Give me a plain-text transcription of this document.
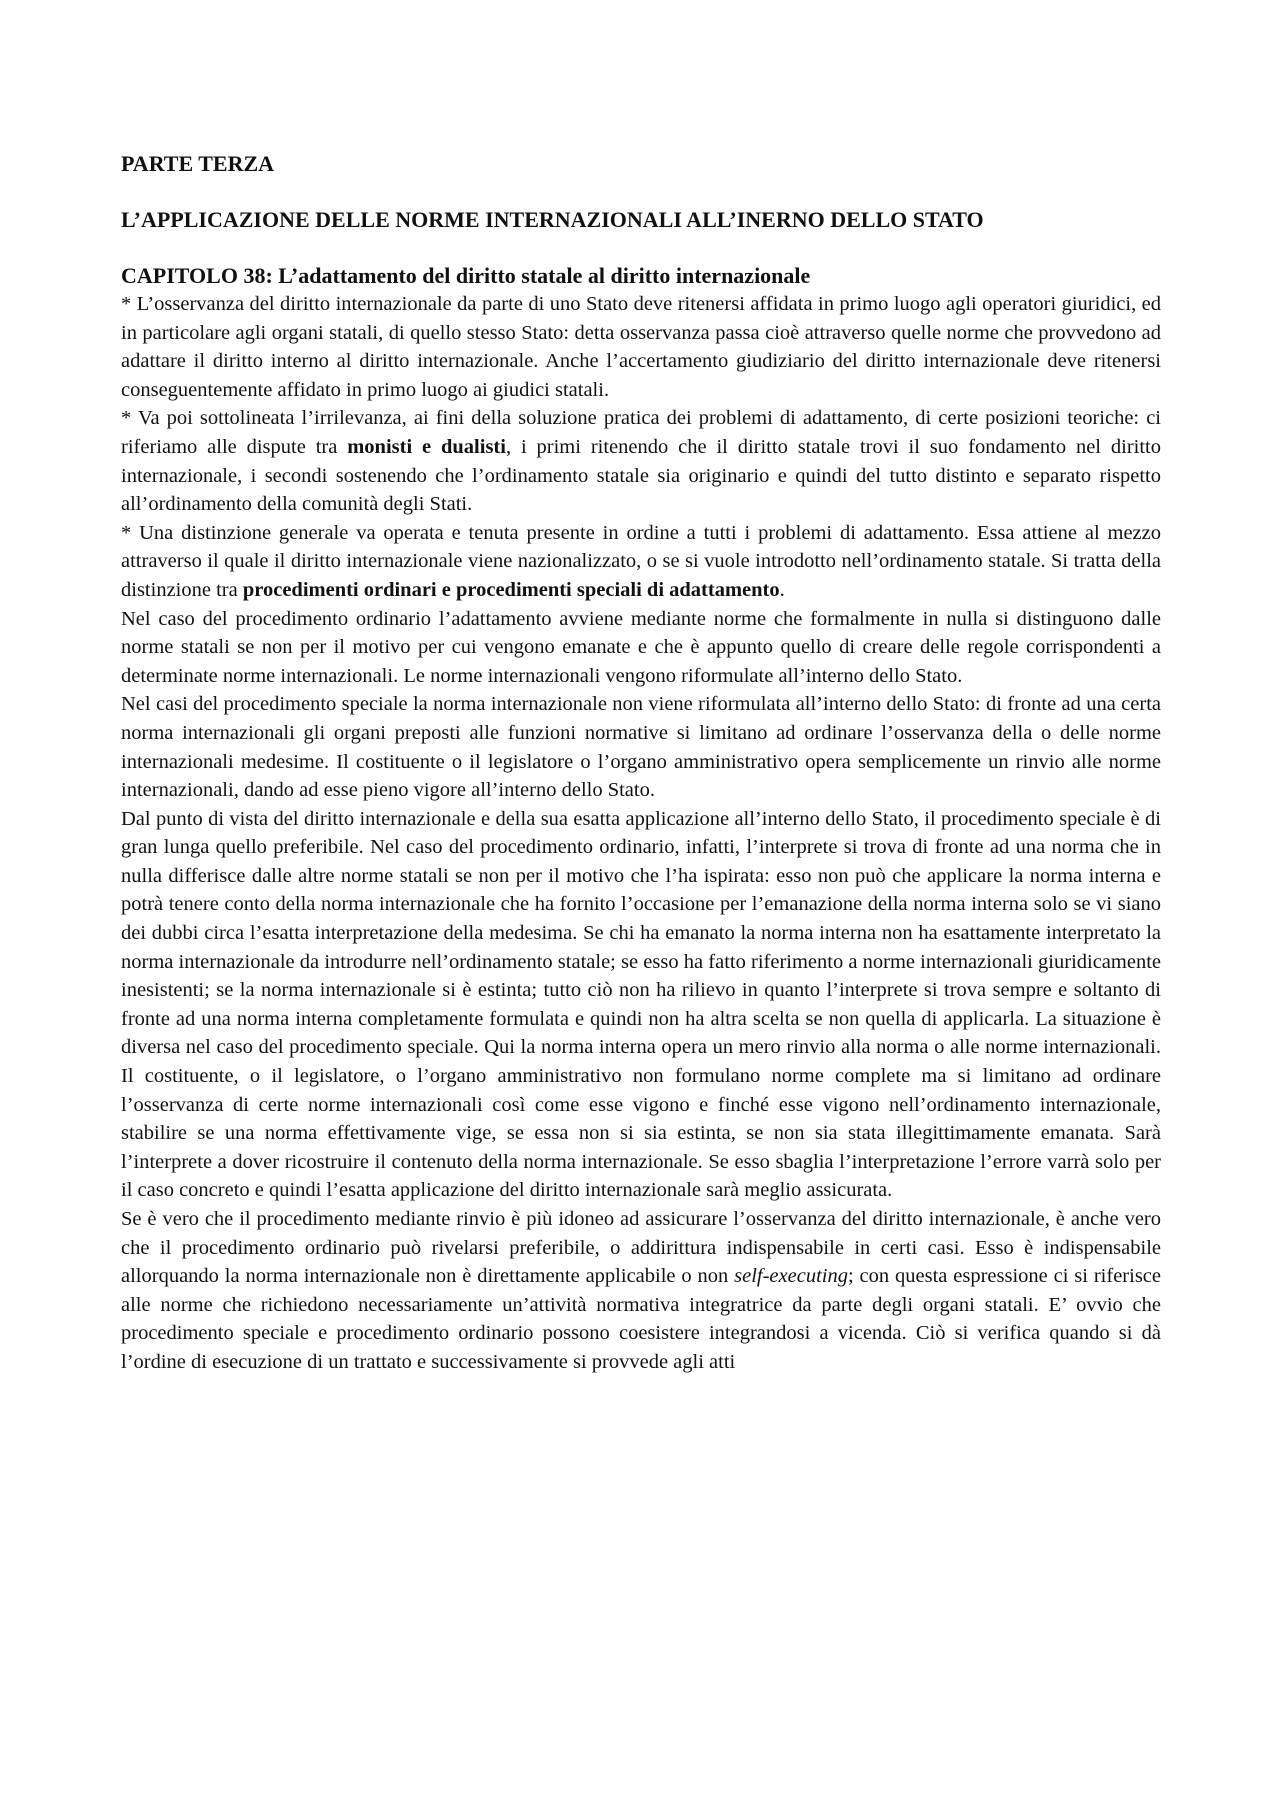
PARTE TERZA
L’APPLICAZIONE DELLE NORME INTERNAZIONALI ALL’INERNO DELLO STATO
CAPITOLO 38: L’adattamento del diritto statale al diritto internazionale

* L’osservanza del diritto internazionale da parte di uno Stato deve ritenersi affidata in primo luogo agli operatori giuridici, ed in particolare agli organi statali, di quello stesso Stato: detta osservanza passa cioè attraverso quelle norme che provvedono ad adattare il diritto interno al diritto internazionale. Anche l’accertamento giudiziario del diritto internazionale deve ritenersi conseguentemente affidato in primo luogo ai giudici statali.

* Va poi sottolineata l’irrilevanza, ai fini della soluzione pratica dei problemi di adattamento, di certe posizioni teoriche: ci riferiamo alle dispute tra monisti e dualisti, i primi ritenendo che il diritto statale trovi il suo fondamento nel diritto internazionale, i secondi sostenendo che l’ordinamento statale sia originario e quindi del tutto distinto e separato rispetto all’ordinamento della comunità degli Stati.

* Una distinzione generale va operata e tenuta presente in ordine a tutti i problemi di adattamento. Essa attiene al mezzo attraverso il quale il diritto internazionale viene nazionalizzato, o se si vuole introdotto nell’ordinamento statale. Si tratta della distinzione tra procedimenti ordinari e procedimenti speciali di adattamento.

Nel caso del procedimento ordinario l’adattamento avviene mediante norme che formalmente in nulla si distinguono dalle norme statali se non per il motivo per cui vengono emanate e che è appunto quello di creare delle regole corrispondenti a determinate norme internazionali. Le norme internazionali vengono riformulate all’interno dello Stato.

Nel casi del procedimento speciale la norma internazionale non viene riformulata all’interno dello Stato: di fronte ad una certa norma internazionali gli organi preposti alle funzioni normative si limitano ad ordinare l’osservanza della o delle norme internazionali medesime. Il costituente o il legislatore o l’organo amministrativo opera semplicemente un rinvio alle norme internazionali, dando ad esse pieno vigore all’interno dello Stato.

Dal punto di vista del diritto internazionale e della sua esatta applicazione all’interno dello Stato, il procedimento speciale è di gran lunga quello preferibile. Nel caso del procedimento ordinario, infatti, l’interprete si trova di fronte ad una norma che in nulla differisce dalle altre norme statali se non per il motivo che l’ha ispirata: esso non può che applicare la norma interna e potrà tenere conto della norma internazionale che ha fornito l’occasione per l’emanazione della norma interna solo se vi siano dei dubbi circa l’esatta interpretazione della medesima. Se chi ha emanato la norma interna non ha esattamente interpretato la norma internazionale da introdurre nell’ordinamento statale; se esso ha fatto riferimento a norme internazionali giuridicamente inesistenti; se la norma internazionale si è estinta; tutto ciò non ha rilievo in quanto l’interprete si trova sempre e soltanto di fronte ad una norma interna completamente formulata e quindi non ha altra scelta se non quella di applicarla. La situazione è diversa nel caso del procedimento speciale. Qui la norma interna opera un mero rinvio alla norma o alle norme internazionali. Il costituente, o il legislatore, o l’organo amministrativo non formulano norme complete ma si limitano ad ordinare l’osservanza di certe norme internazionali così come esse vigono e finché esse vigono nell’ordinamento internazionale, stabilire se una norma effettivamente vige, se essa non si sia estinta, se non sia stata illegittimamente emanata. Sarà l’interprete a dover ricostruire il contenuto della norma internazionale. Se esso sbaglia l’interpretazione l’errore varrà solo per il caso concreto e quindi l’esatta applicazione del diritto internazionale sarà meglio assicurata.

Se è vero che il procedimento mediante rinvio è più idoneo ad assicurare l’osservanza del diritto internazionale, è anche vero che il procedimento ordinario può rivelarsi preferibile, o addirittura indispensabile in certi casi. Esso è indispensabile allorquando la norma internazionale non è direttamente applicabile o non self-executing; con questa espressione ci si riferisce alle norme che richiedono necessariamente un’attività normativa integratrice da parte degli organi statali. E’ ovvio che procedimento speciale e procedimento ordinario possono coesistere integrandosi a vicenda. Ciò si verifica quando si dà l’ordine di esecuzione di un trattato e successivamente si provvede agli atti
